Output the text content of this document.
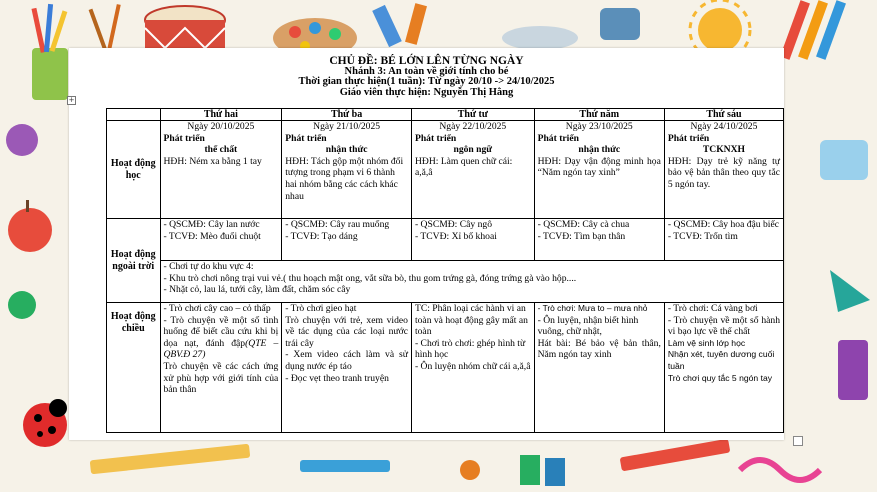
CHỦ ĐỀ: BÉ LỚN LÊN TỪNG NGÀY
Nhánh 3: An toàn về giới tính cho bé
Thời gian thực hiện(1 tuần): Từ ngày 20/10 -> 24/10/2025
Giáo viên thực hiện: Nguyễn Thị Hằng
+
	Thứ hai	Thứ ba	Thứ tư	Thứ năm	Thứ sáu
Hoạt động học	Ngày 20/10/2025
Phát triển
thể chất
HĐH: Ném xa bằng 1 tay	Ngày 21/10/2025
Phát triển
nhận thức
HĐH: Tách gộp một nhóm đối tượng trong phạm vi 6 thành hai nhóm bằng các cách khác nhau	Ngày 22/10/2025
Phát triển
ngôn ngữ
HĐH: Làm quen chữ cái: a,ă,â	Ngày 23/10/2025
Phát triển
nhận thức
HĐH: Dạy vận động minh họa “Năm ngón tay xinh”	Ngày 24/10/2025
Phát triển
TCKNXH
HĐH: Dạy trẻ kỹ năng tự bảo vệ bản thân theo quy tắc 5 ngón tay.

Hoạt động ngoài trời	- QSCMĐ: Cây lan nước
- TCVĐ: Mèo đuổi chuột	- QSCMĐ: Cây rau muống
- TCVĐ: Tạo dáng	- QSCMĐ: Cây ngô
- TCVĐ: Xỉ bố khoai	- QSCMĐ: Cây cà chua
- TCVĐ: Tìm bạn thân	- QSCMĐ: Cây hoa đậu biếc
- TCVĐ: Trốn tìm

	- Chơi tự do khu vực 4:
- Khu trò chơi nông trại vui vẻ.( thu hoạch mật ong, vắt sữa bò, thu gom trứng gà, đóng trứng gà vào hộp....
- Nhặt cỏ, lau lá, tưới cây, làm đất, chăm sóc cây				

Hoạt động chiều	- Trò chơi cây cao – cỏ thấp
- Trò chuyện về một số tình huống để biết cầu cứu khi bị dọa nạt, đánh đập(QTE –QBV.Đ 27)
Trò chuyện về các cách ứng xử phù hợp với giới tính của bản thân	- Trò chơi gieo hạt
Trò chuyện với trẻ, xem video về tác dụng của các loại nước trái cây
- Xem video cách làm và sử dụng nước ép táo
- Đọc vẹt theo tranh truyện	TC: Phân loại các hành vi an toàn và hoạt động gây mất an toàn
- Chơi trò chơi: ghép hình từ hình học
- Ôn luyện nhóm chữ cái a,ă,â	- Trò chơi: Mưa to – mưa nhỏ
- Ôn luyện, nhận biết hình vuông, chữ nhật,
Hát bài: Bé bảo vệ bản thân, Năm ngón tay xinh	- Trò chơi: Cá vàng bơi
- Trò chuyện về một số hành vi bạo lực về thể chất
Làm vệ sinh lớp học
Nhận xét, tuyên dương cuối tuần
Trò chơi quy tắc 5 ngón tay
